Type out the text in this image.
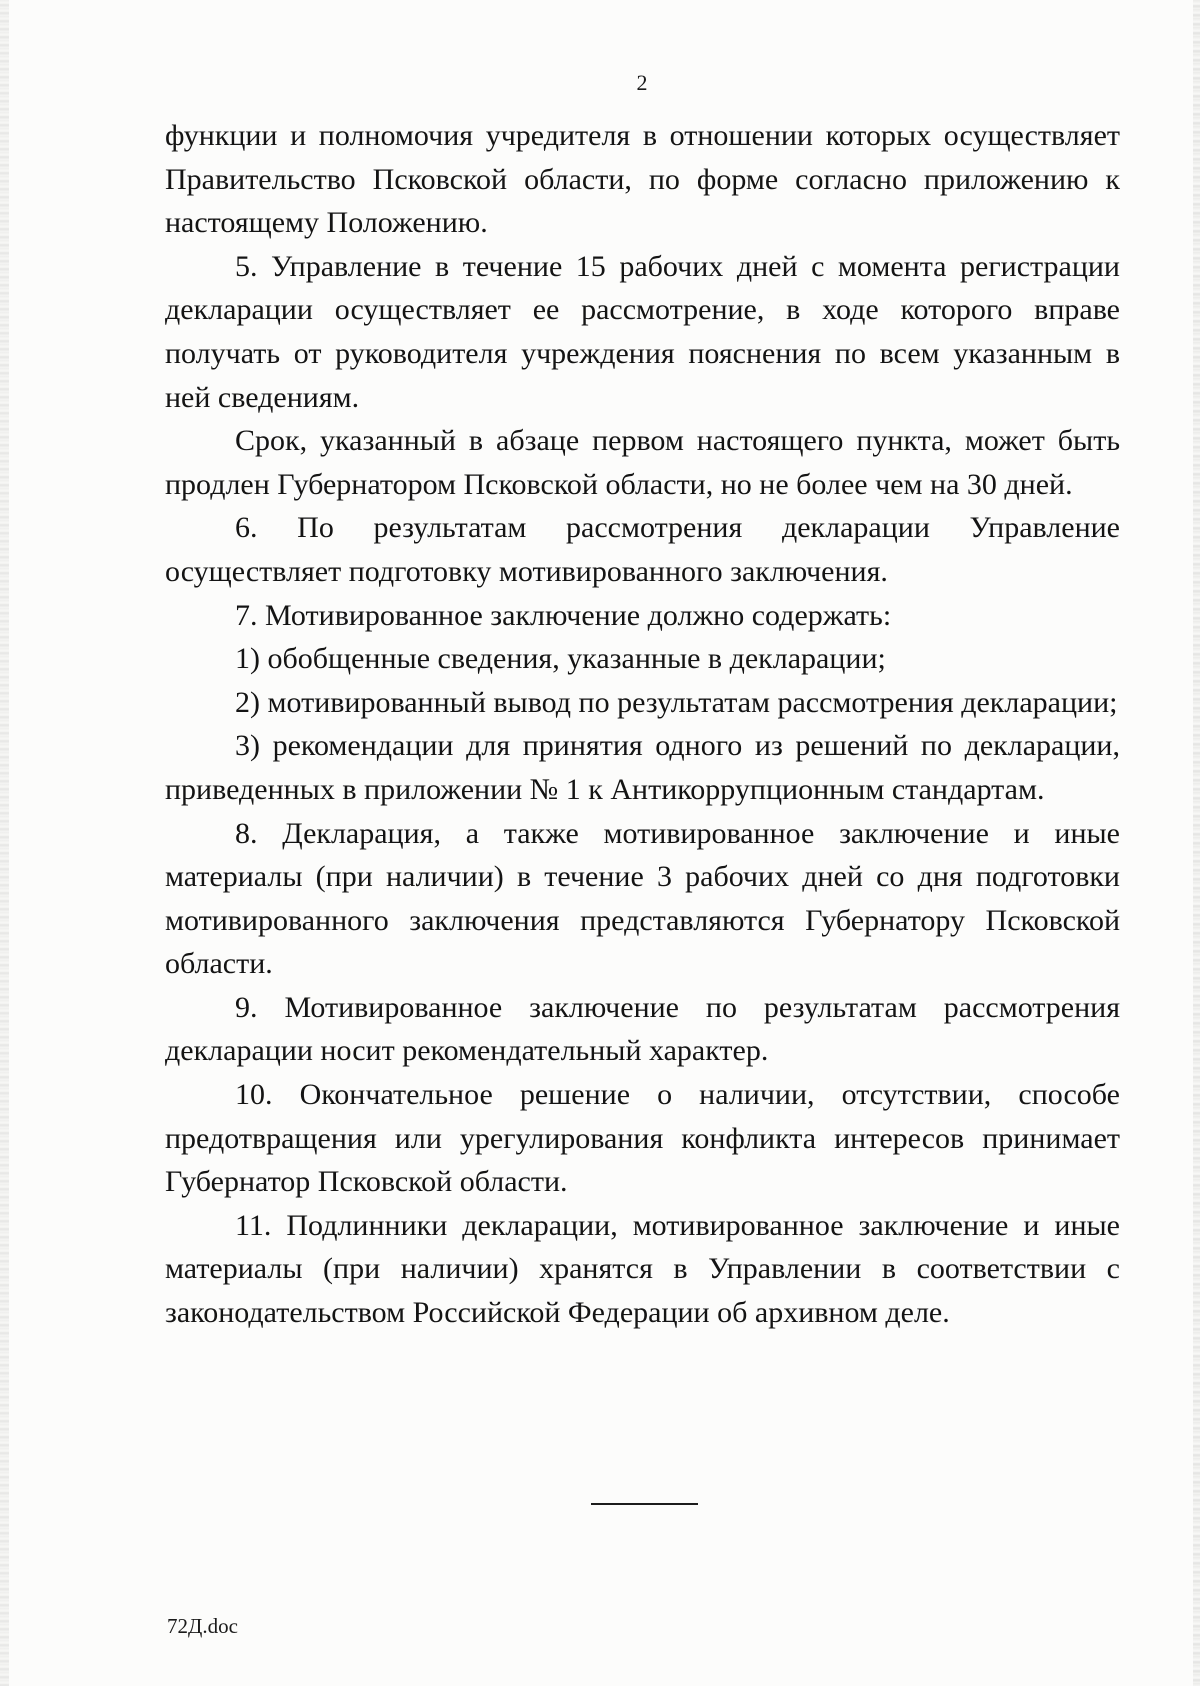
2

функции и полномочия учредителя в отношении которых осуществляет Правительство Псковской области, по форме согласно приложению к настоящему Положению.

5. Управление в течение 15 рабочих дней с момента регистрации декларации осуществляет ее рассмотрение, в ходе которого вправе получать от руководителя учреждения пояснения по всем указанным в ней сведениям.

Срок, указанный в абзаце первом настоящего пункта, может быть продлен Губернатором Псковской области, но не более чем на 30 дней.

6. По результатам рассмотрения декларации Управление осуществляет подготовку мотивированного заключения.

7. Мотивированное заключение должно содержать:

1) обобщенные сведения, указанные в декларации;

2) мотивированный вывод по результатам рассмотрения декларации;

3) рекомендации для принятия одного из решений по декларации, приведенных в приложении № 1 к Антикоррупционным стандартам.

8. Декларация, а также мотивированное заключение и иные материалы (при наличии) в течение 3 рабочих дней со дня подготовки мотивированного заключения представляются Губернатору Псковской области.

9. Мотивированное заключение по результатам рассмотрения декларации носит рекомендательный характер.

10. Окончательное решение о наличии, отсутствии, способе предотвращения или урегулирования конфликта интересов принимает Губернатор Псковской области.

11. Подлинники декларации, мотивированное заключение и иные материалы (при наличии) хранятся в Управлении в соответствии с законодательством Российской Федерации об архивном деле.

72Д.doc
